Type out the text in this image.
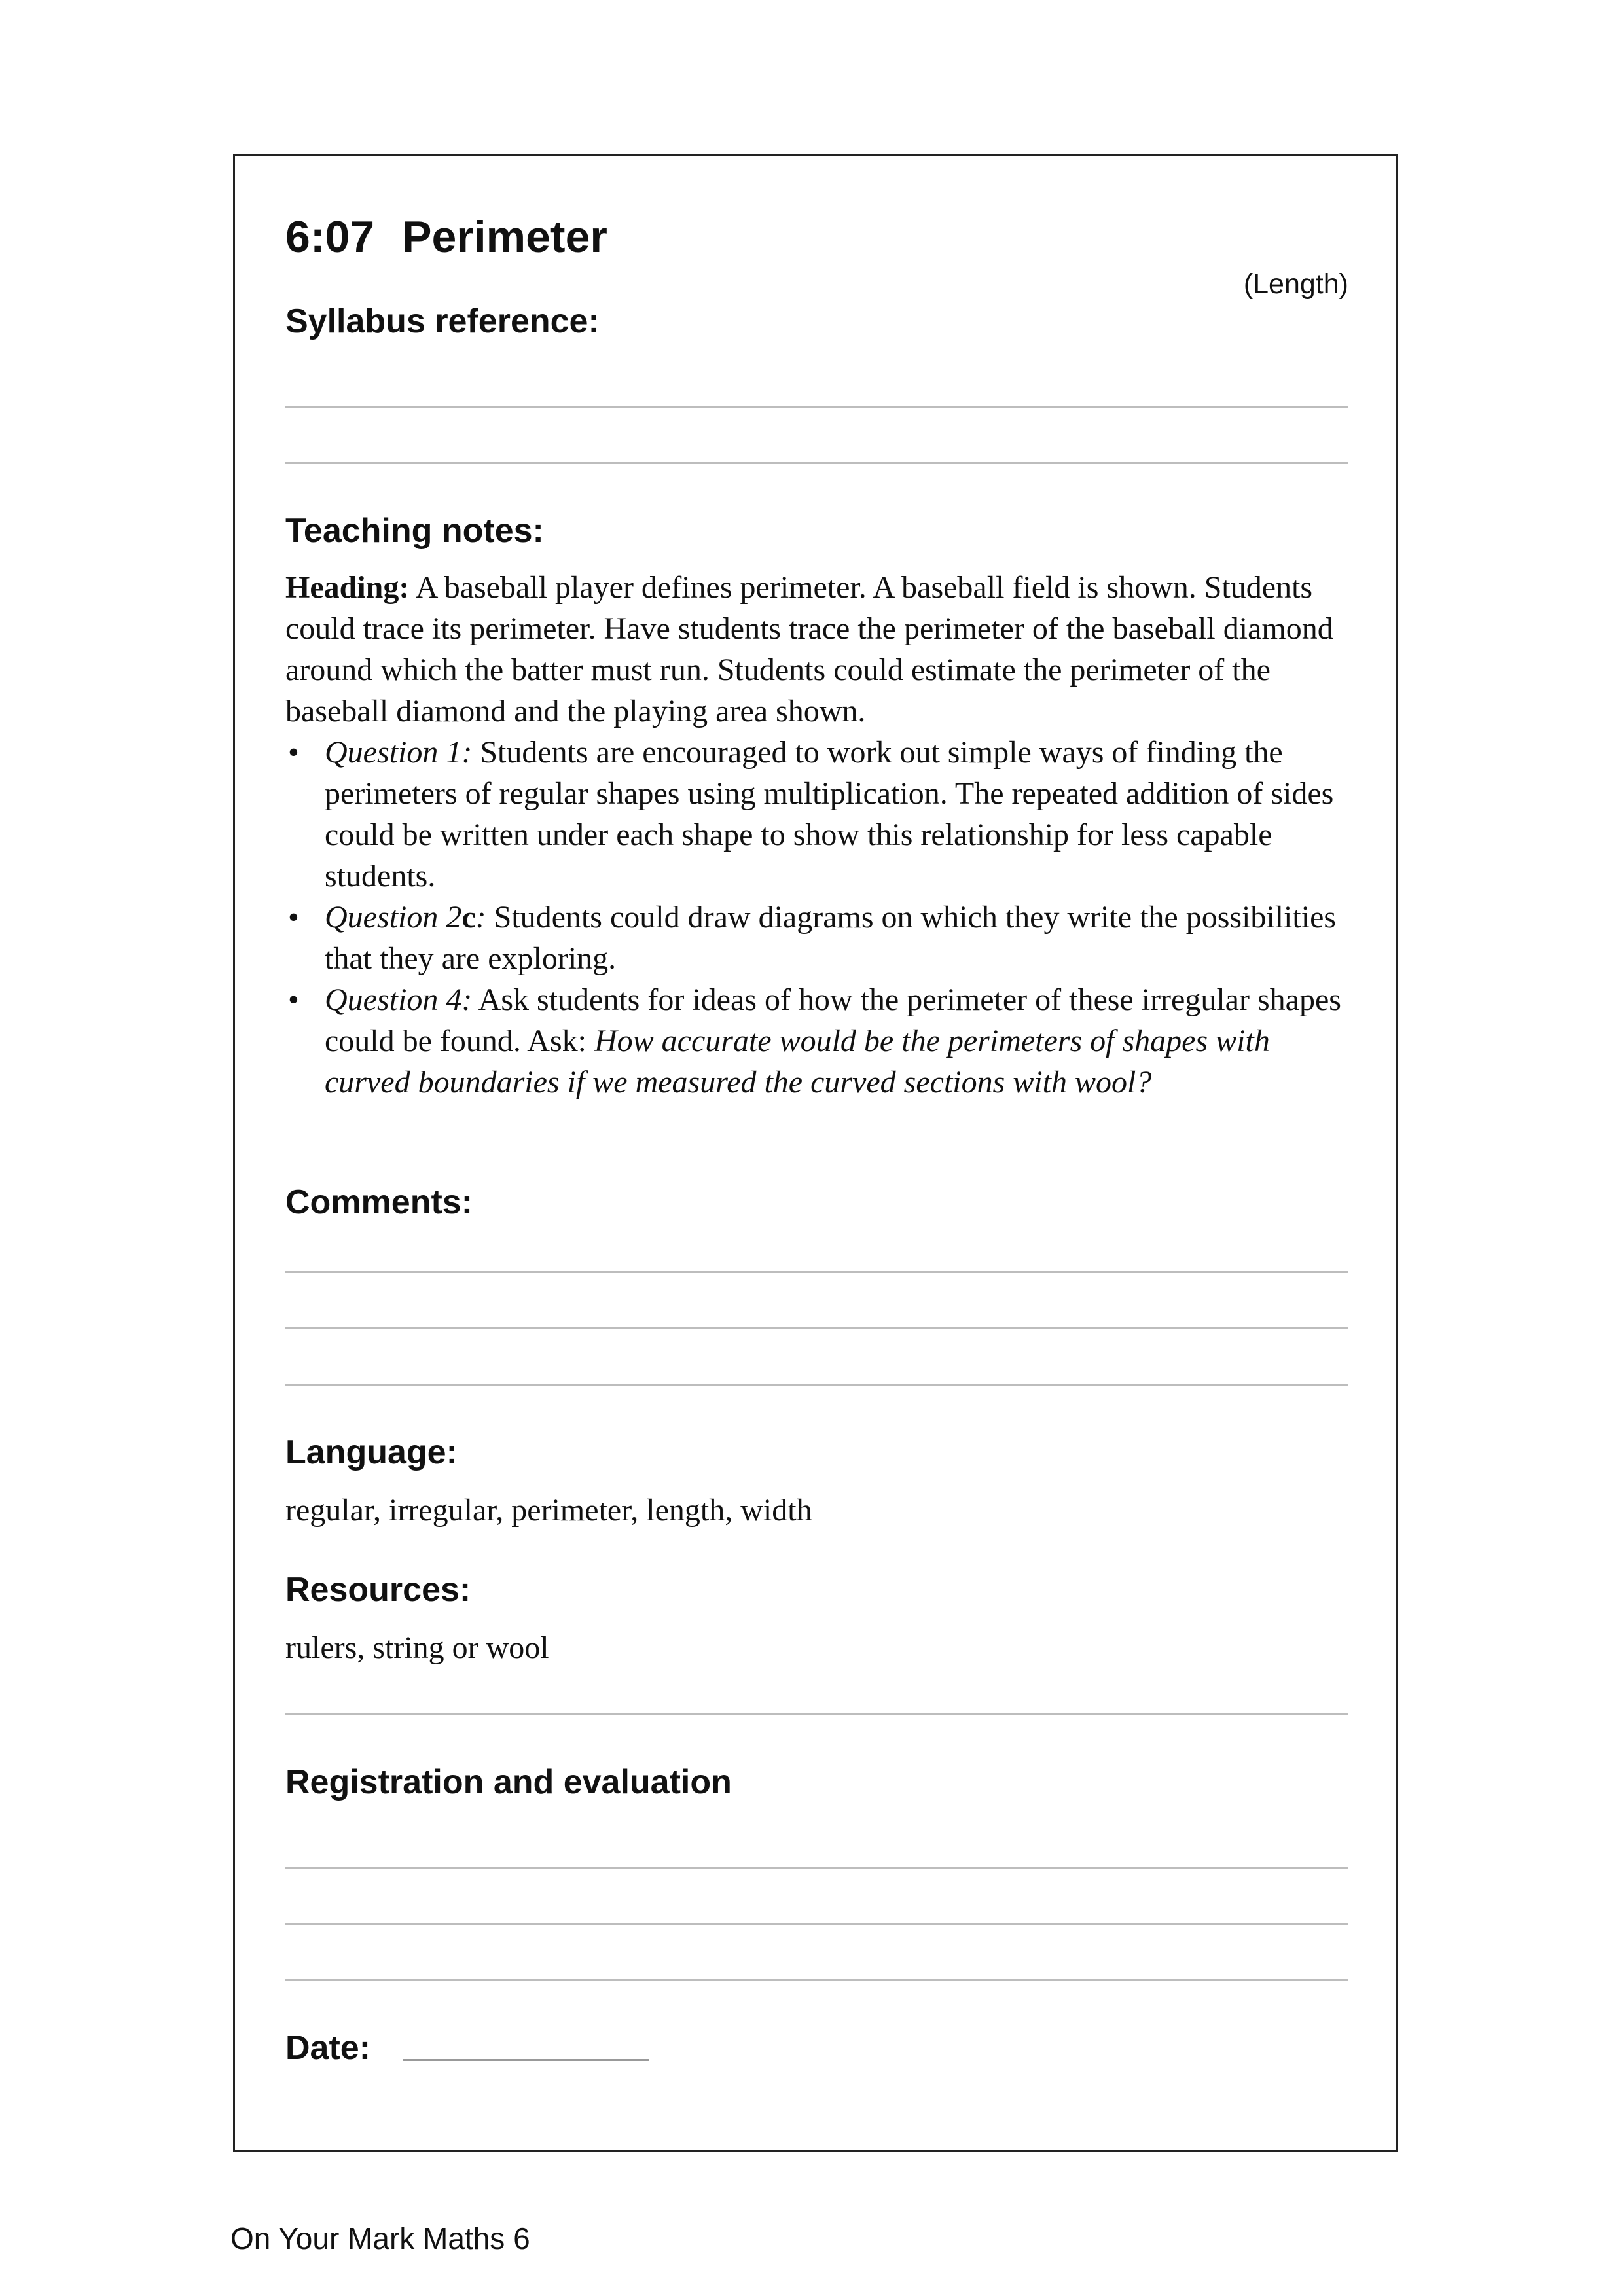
6:07 Perimeter
(Length)
Syllabus reference:
Teaching notes:

Heading: A baseball player defines perimeter. A baseball field is shown. Students could trace its perimeter. Have students trace the perimeter of the baseball diamond around which the batter must run. Students could estimate the perimeter of the baseball diamond and the playing area shown.

• Question 1: Students are encouraged to work out simple ways of finding the perimeters of regular shapes using multiplication. The repeated addition of sides could be written under each shape to show this relationship for less capable students.
• Question 2c: Students could draw diagrams on which they write the possibilities that they are exploring.
• Question 4: Ask students for ideas of how the perimeter of these irregular shapes could be found. Ask: How accurate would be the perimeters of shapes with curved boundaries if we measured the curved sections with wool?
Comments:
Language:
regular, irregular, perimeter, length, width
Resources:
rulers, string or wool
Registration and evaluation
Date:
On Your Mark Maths 6
